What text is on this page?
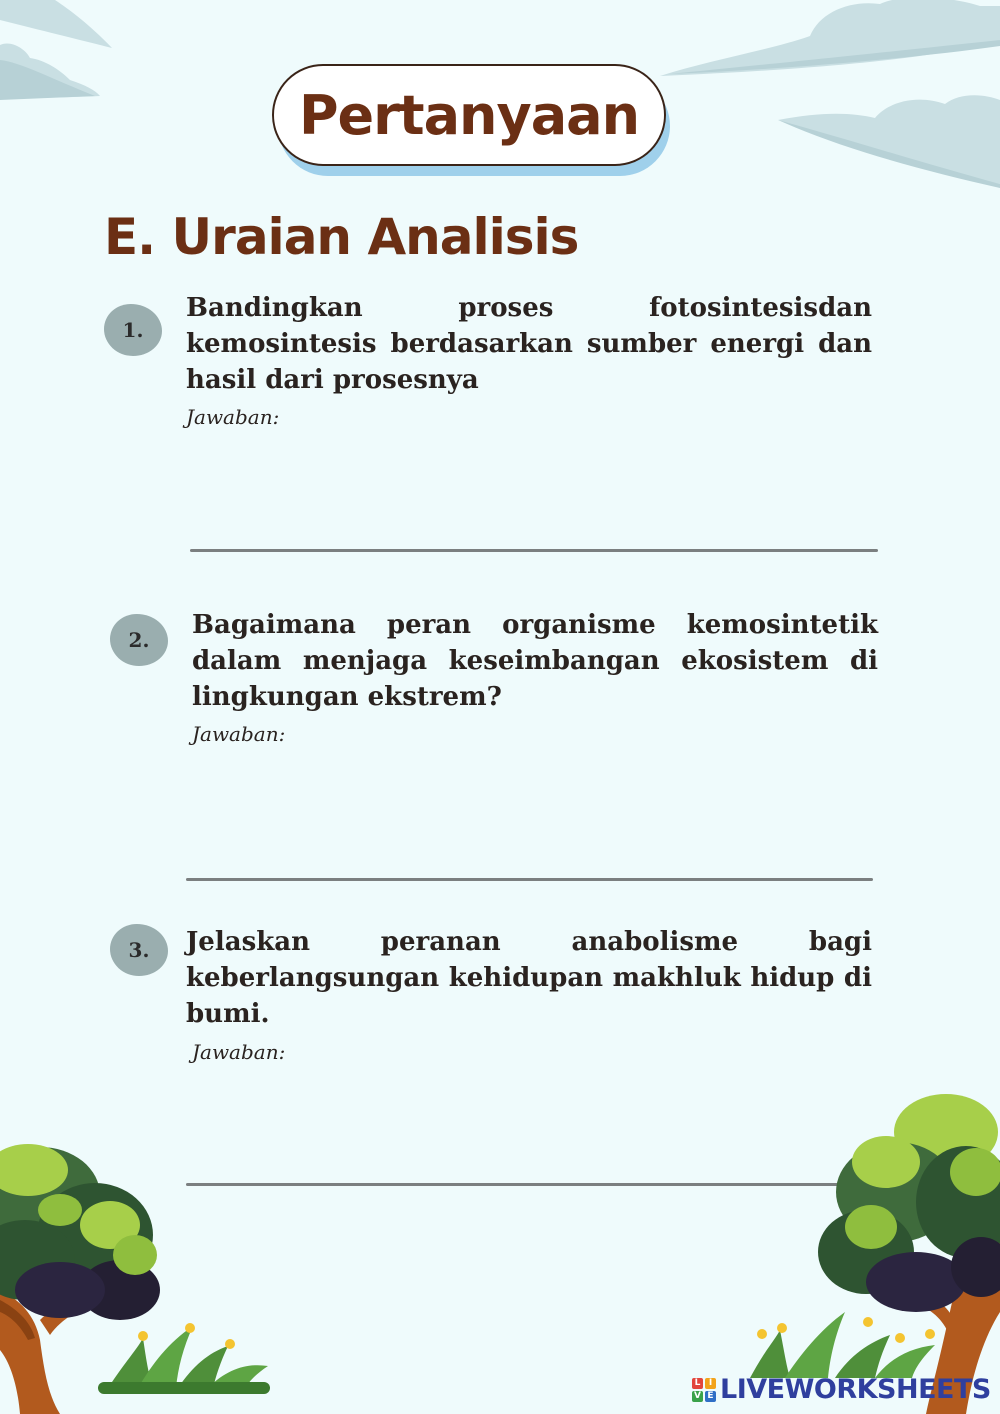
Pertanyaan
E. Uraian Analisis
1.
Bandingkan proses fotosintesisdan kemosintesis berdasarkan sumber energi dan hasil dari prosesnya
Jawaban:
2.	Bagaimana peran organisme kemosintetik dalam menjaga keseimbangan ekosistem di lingkungan ekstrem?
Jawaban:
3.	Jelaskan peranan anabolisme bagi keberlangsungan kehidupan makhluk hidup di bumi.
Jawaban:
L I
V E LIVEWORKSHEETS
